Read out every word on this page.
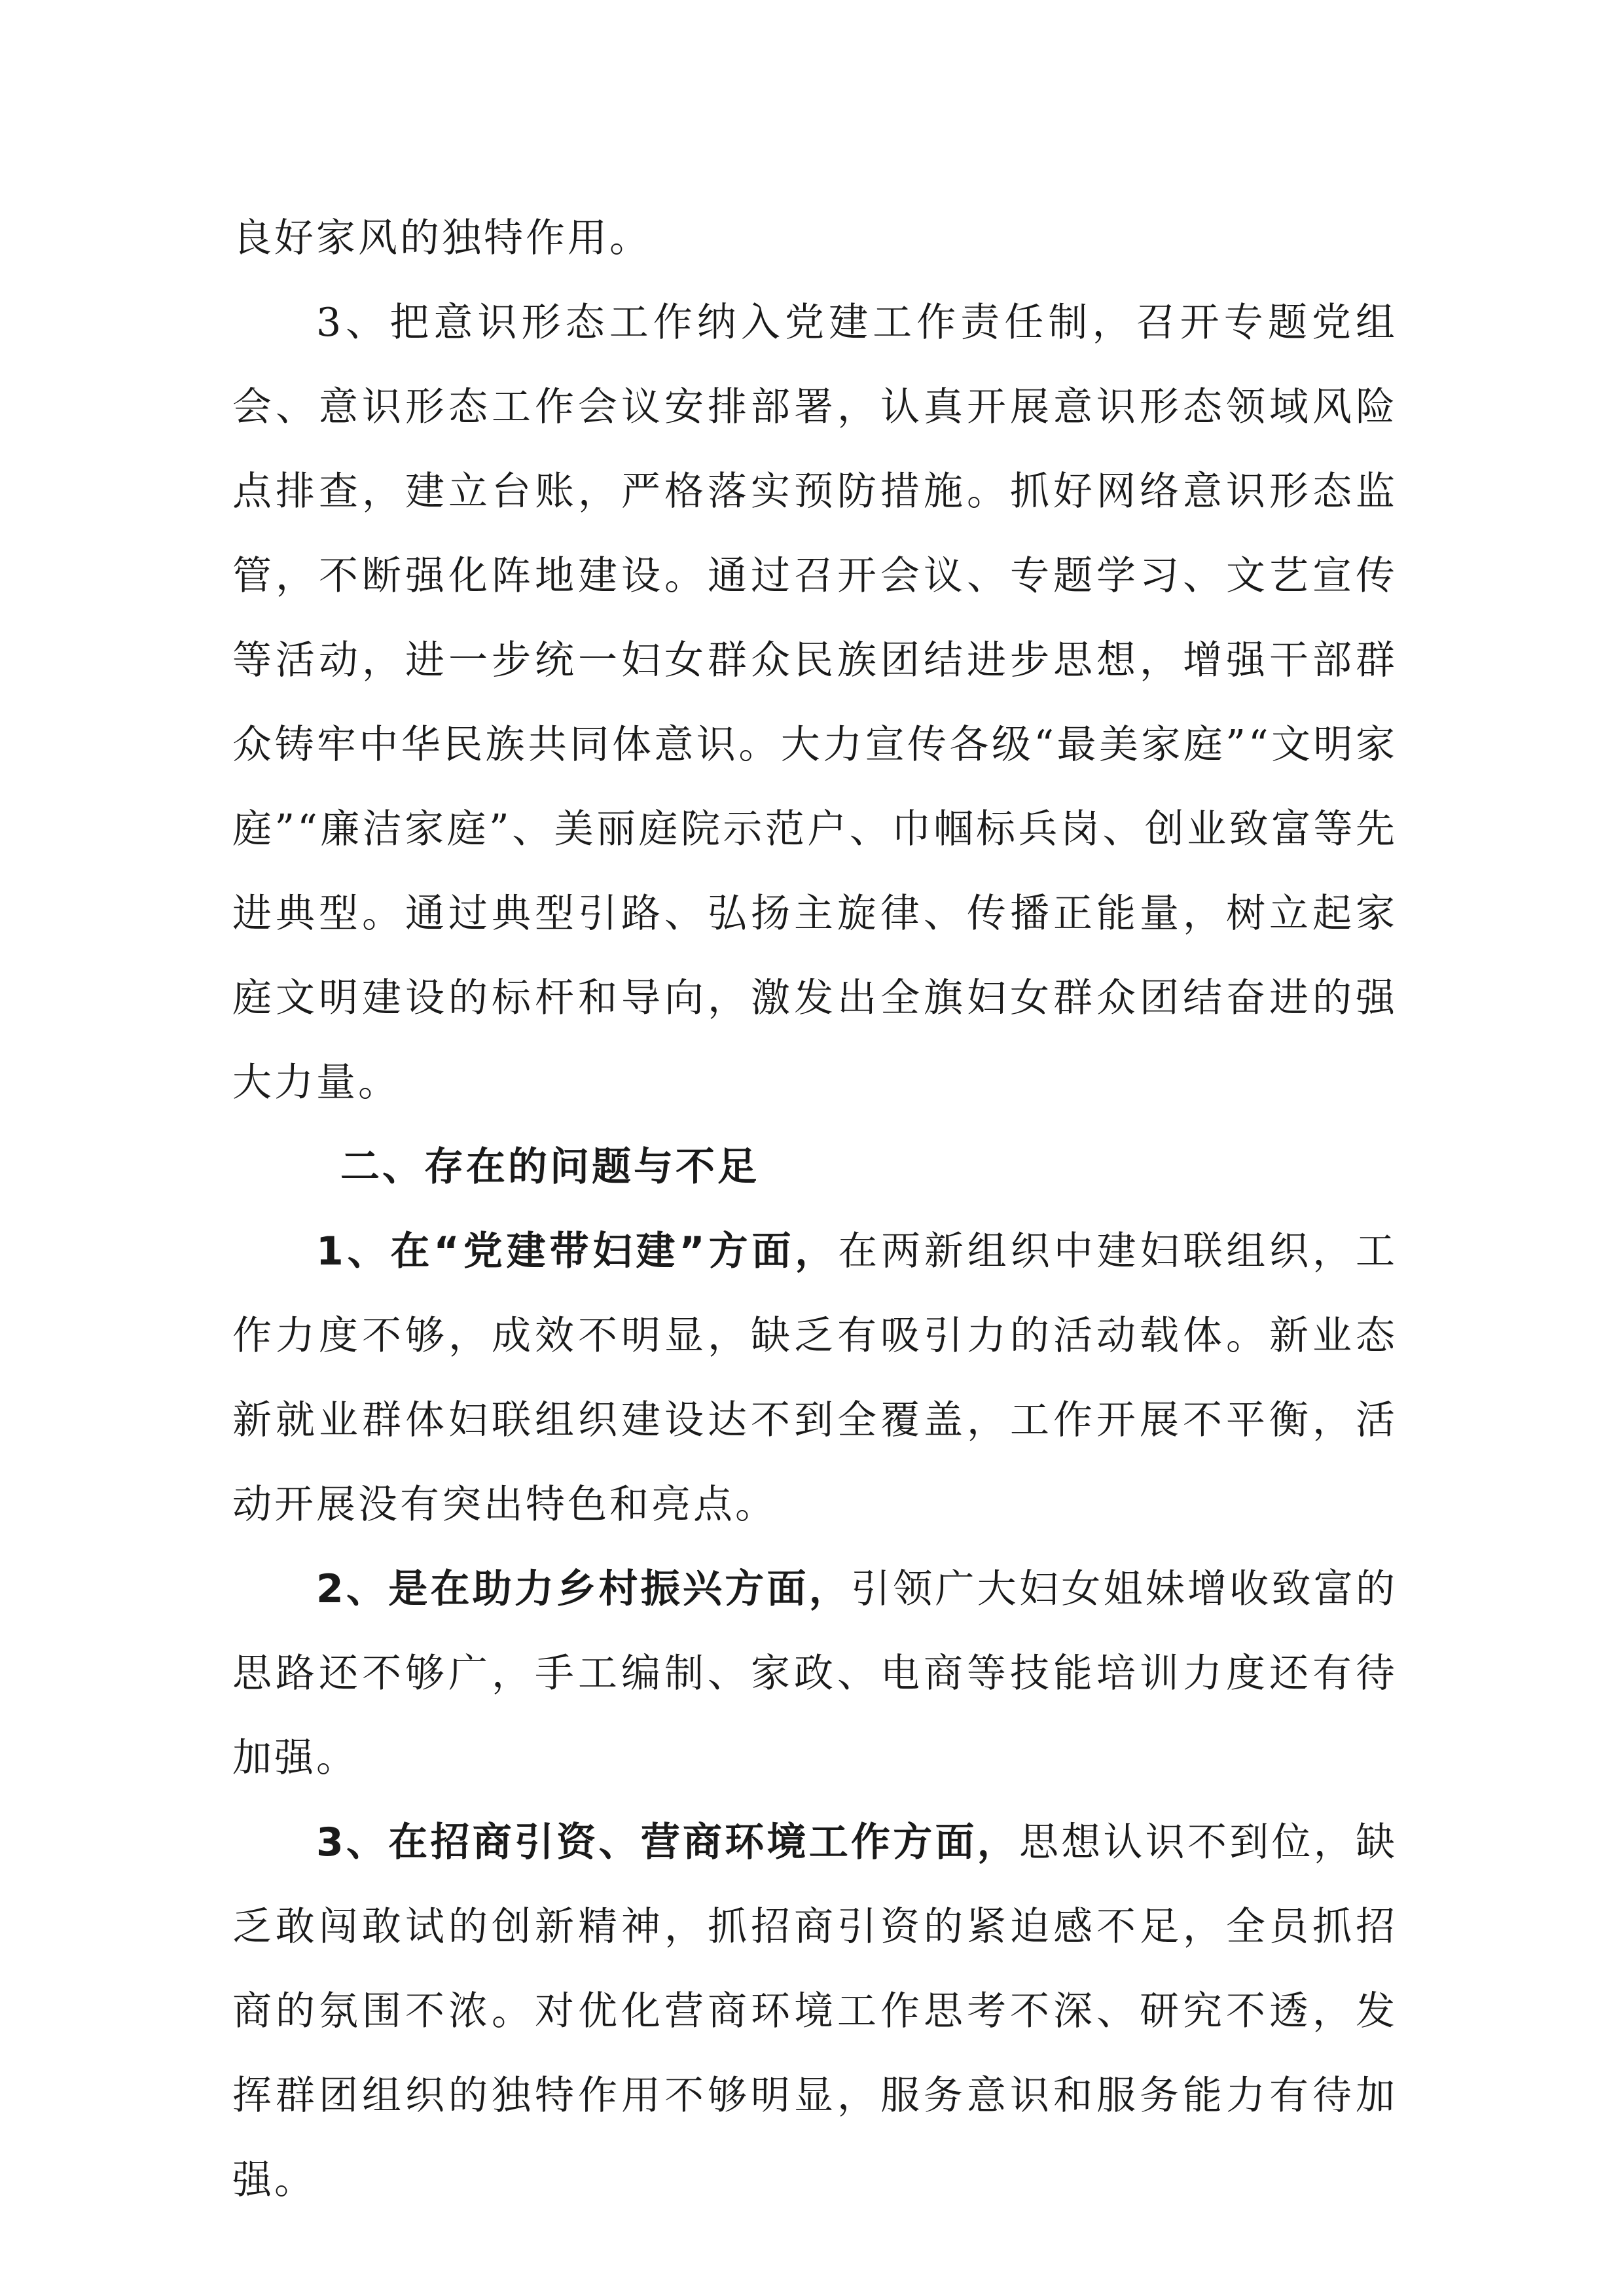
良好家风的独特作用。

3、把意识形态工作纳入党建工作责任制，召开专题党组会、意识形态工作会议安排部署，认真开展意识形态领域风险点排查，建立台账，严格落实预防措施。抓好网络意识形态监管，不断强化阵地建设。通过召开会议、专题学习、文艺宣传等活动，进一步统一妇女群众民族团结进步思想，增强干部群众铸牢中华民族共同体意识。大力宣传各级“最美家庭”“文明家庭”“廉洁家庭”、美丽庭院示范户、巾帼标兵岗、创业致富等先进典型。通过典型引路、弘扬主旋律、传播正能量，树立起家庭文明建设的标杆和导向，激发出全旗妇女群众团结奋进的强大力量。

二、存在的问题与不足

1、在“党建带妇建”方面，在两新组织中建妇联组织，工作力度不够，成效不明显，缺乏有吸引力的活动载体。新业态新就业群体妇联组织建设达不到全覆盖，工作开展不平衡，活动开展没有突出特色和亮点。

2、是在助力乡村振兴方面，引领广大妇女姐妹增收致富的思路还不够广，手工编制、家政、电商等技能培训力度还有待加强。

3、在招商引资、营商环境工作方面，思想认识不到位，缺乏敢闯敢试的创新精神，抓招商引资的紧迫感不足，全员抓招商的氛围不浓。对优化营商环境工作思考不深、研究不透，发挥群团组织的独特作用不够明显，服务意识和服务能力有待加强。
